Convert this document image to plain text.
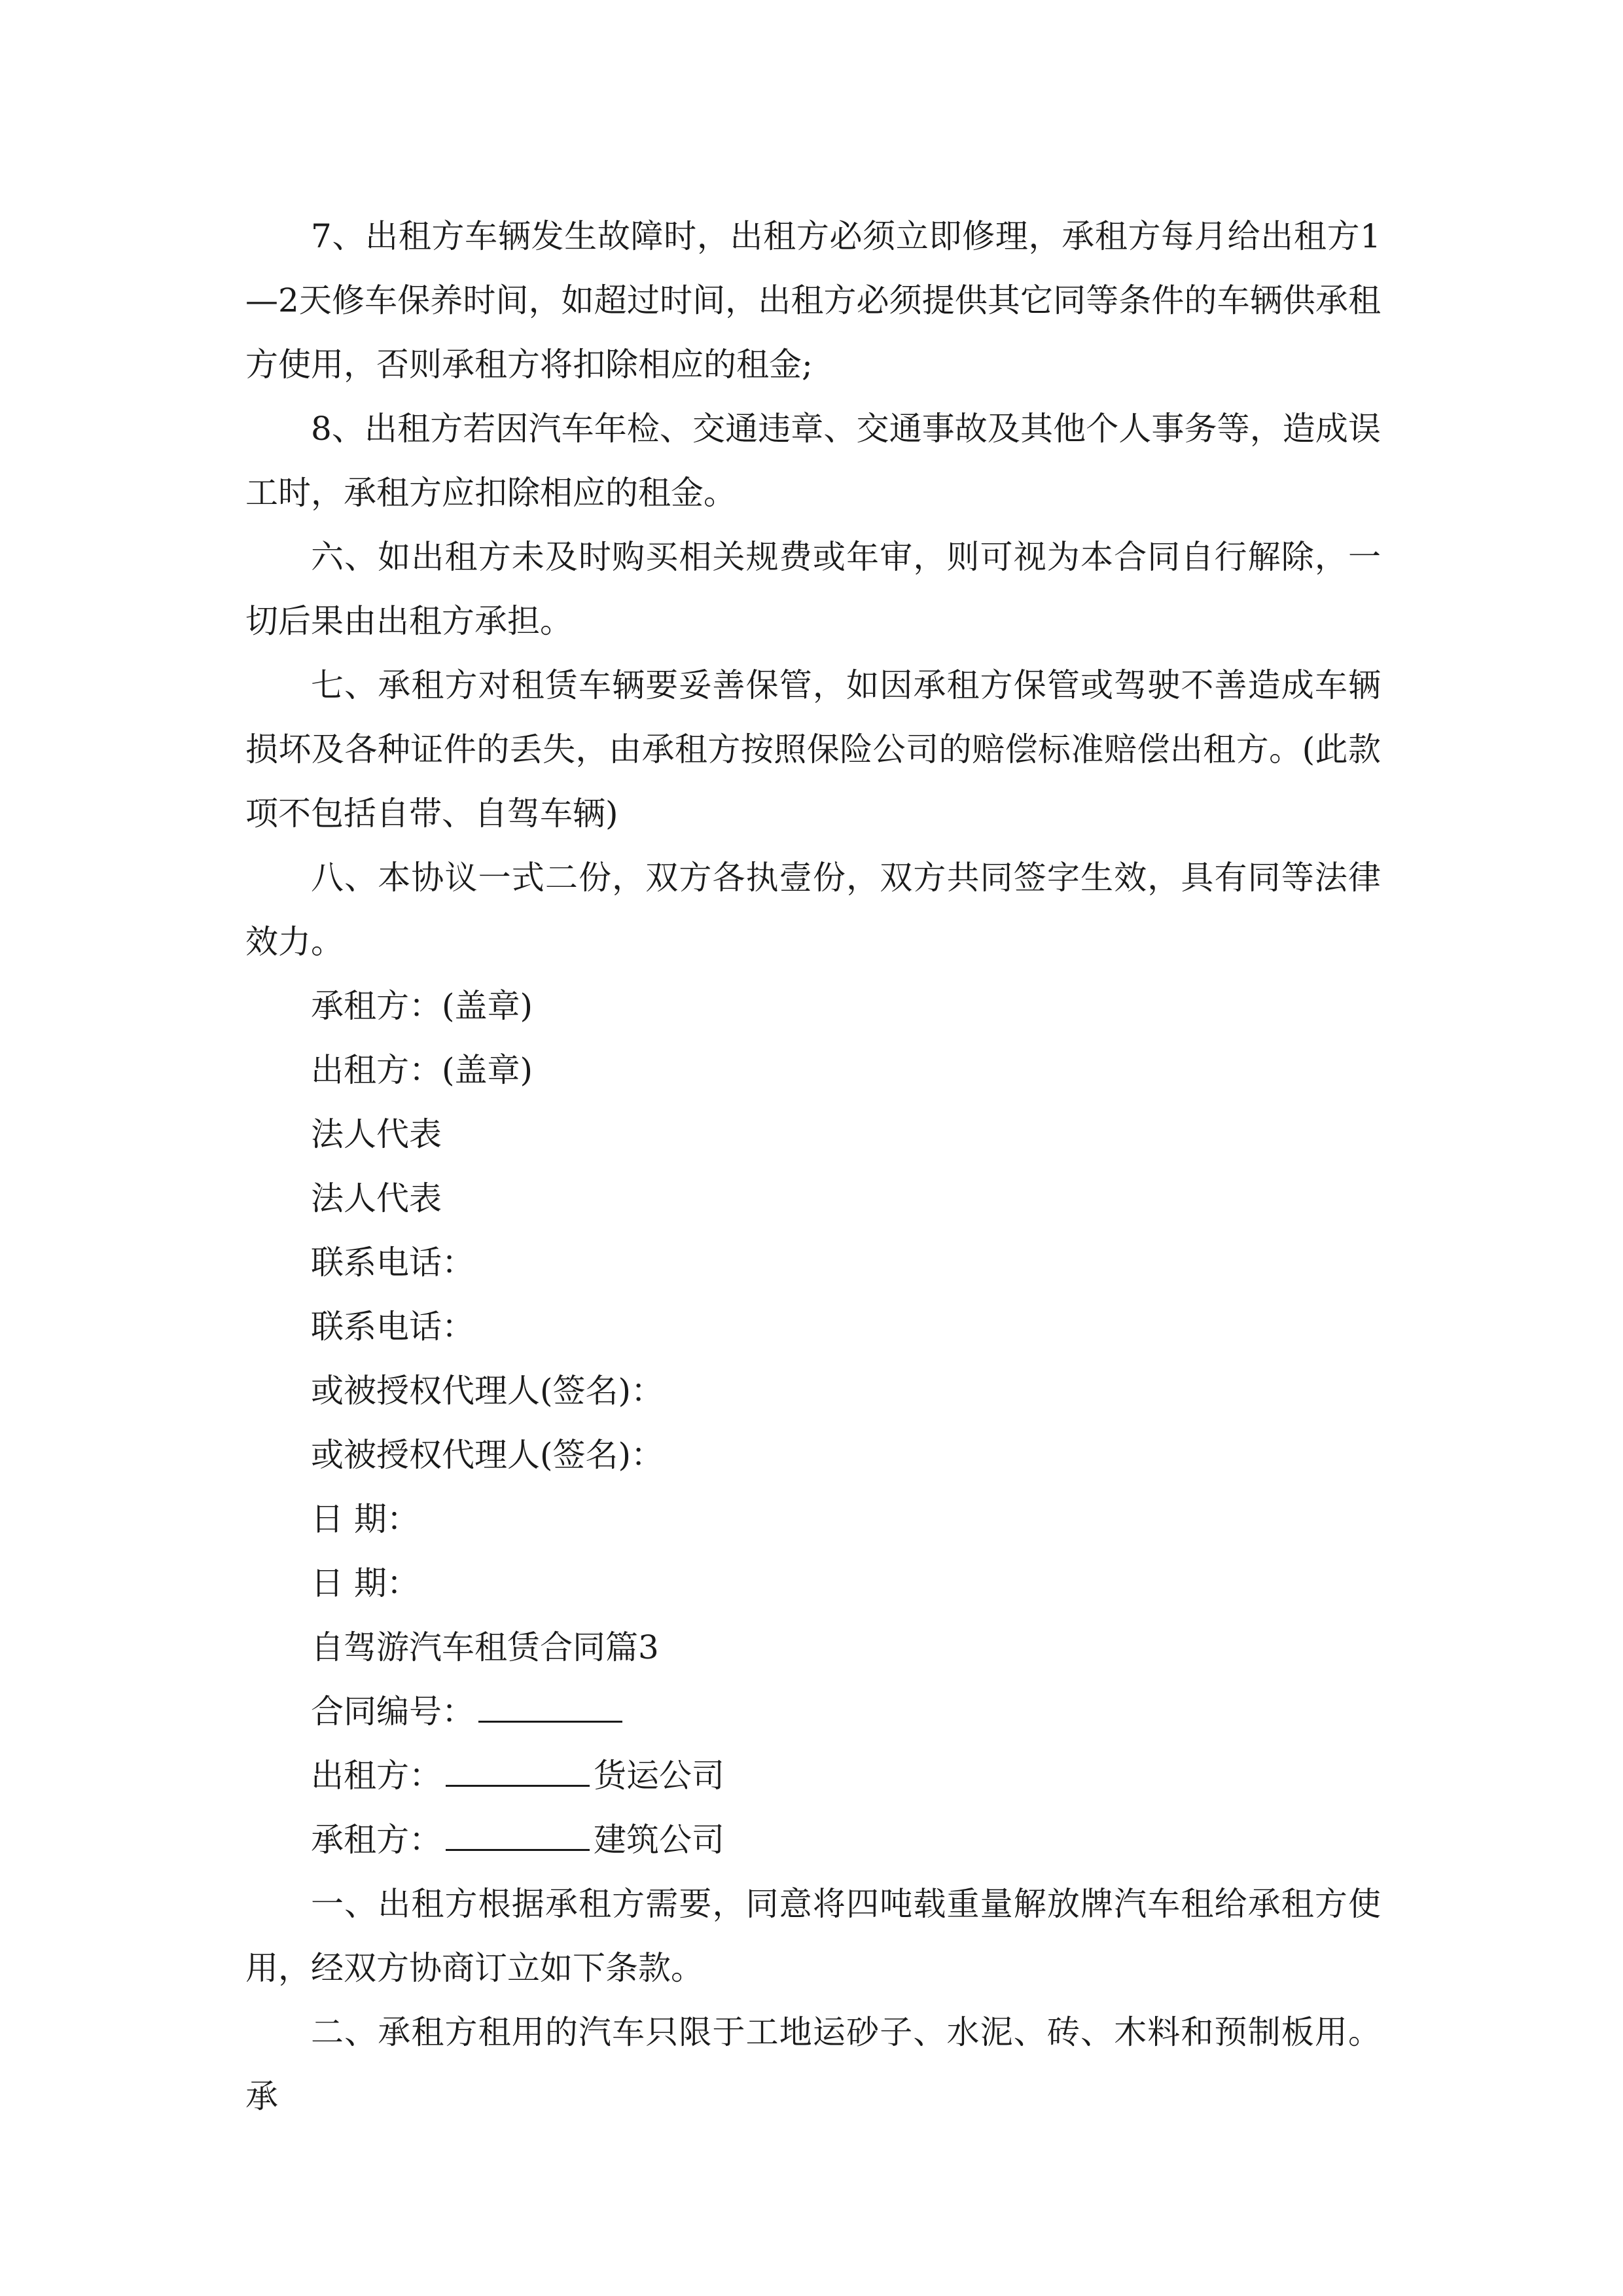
7、出租方车辆发生故障时，出租方必须立即修理，承租方每月给出租方1—2天修车保养时间，如超过时间，出租方必须提供其它同等条件的车辆供承租方使用，否则承租方将扣除相应的租金;

8、出租方若因汽车年检、交通违章、交通事故及其他个人事务等，造成误工时，承租方应扣除相应的租金。

六、如出租方未及时购买相关规费或年审，则可视为本合同自行解除，一切后果由出租方承担。

七、承租方对租赁车辆要妥善保管，如因承租方保管或驾驶不善造成车辆损坏及各种证件的丢失，由承租方按照保险公司的赔偿标准赔偿出租方。(此款项不包括自带、自驾车辆)

八、本协议一式二份，双方各执壹份，双方共同签字生效，具有同等法律效力。

承租方：(盖章)

出租方：(盖章)

法人代表

法人代表

联系电话：

联系电话：

或被授权代理人(签名)：

或被授权代理人(签名)：

日 期：

日 期：

自驾游汽车租赁合同篇3

合同编号：

出租方：	货运公司

承租方：	建筑公司

一、出租方根据承租方需要，同意将四吨载重量解放牌汽车租给承租方使用，经双方协商订立如下条款。

二、承租方租用的汽车只限于工地运砂子、水泥、砖、木料和预制板用。承
